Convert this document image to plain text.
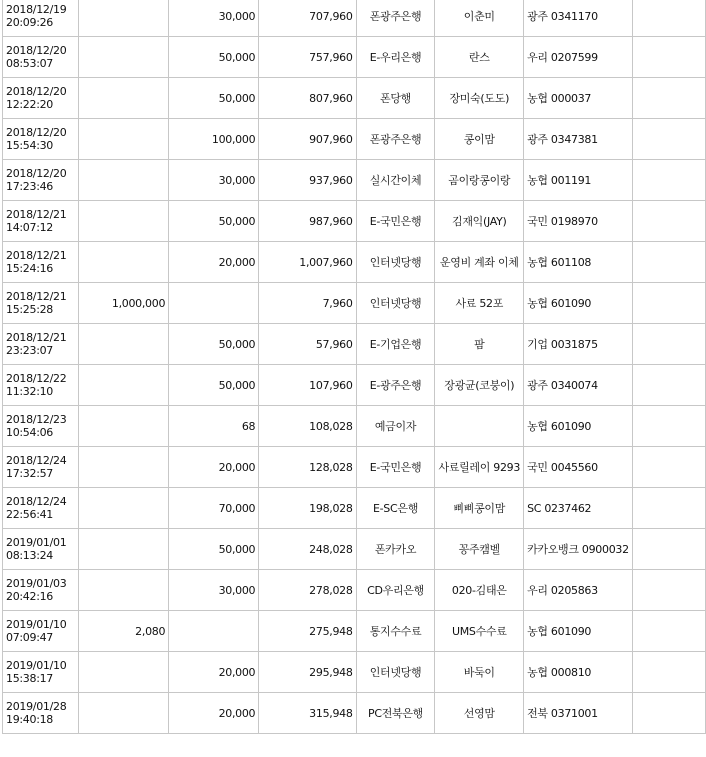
2018/12/19
20:09:26		30,000	707,960	폰광주은행	이춘미	광주 0341170	

2018/12/20
08:53:07		50,000	757,960	E-우리은행	란스	우리 0207599	

2018/12/20
12:22:20		50,000	807,960	폰당행	장미숙(도도)	농협 000037	

2018/12/20
15:54:30		100,000	907,960	폰광주은행	콩이맘	광주 0347381	

2018/12/20
17:23:46		30,000	937,960	실시간이체	곰이랑콩이랑	농협 001191	

2018/12/21
14:07:12		50,000	987,960	E-국민은행	김재익(JAY)	국민 0198970	

2018/12/21
15:24:16		20,000	1,007,960	인터넷당행	운영비 계좌 이체	농협 601108	

2018/12/21
15:25:28	1,000,000		7,960	인터넷당행	사료 52포	농협 601090	

2018/12/21
23:23:07		50,000	57,960	E-기업은행	팜	기업 0031875	

2018/12/22
11:32:10		50,000	107,960	E-광주은행	장광균(코붕이)	광주 0340074	

2018/12/23
10:54:06		68	108,028	예금이자		농협 601090	

2018/12/24
17:32:57		20,000	128,028	E-국민은행	사료릴레이 9293	국민 0045560	

2018/12/24
22:56:41		70,000	198,028	E-SC은행	삐삐콩이맘	SC 0237462	

2019/01/01
08:13:24		50,000	248,028	폰카카오	꽁주캠벨	카카오뱅크 0900032	

2019/01/03
20:42:16		30,000	278,028	CD우리은행	020-김태은	우리 0205863	

2019/01/10
07:09:47	2,080		275,948	통지수수료	UMS수수료	농협 601090	

2019/01/10
15:38:17		20,000	295,948	인터넷당행	바둑이	농협 000810	

2019/01/28
19:40:18		20,000	315,948	PC전북은행	선영맘	전북 0371001	
